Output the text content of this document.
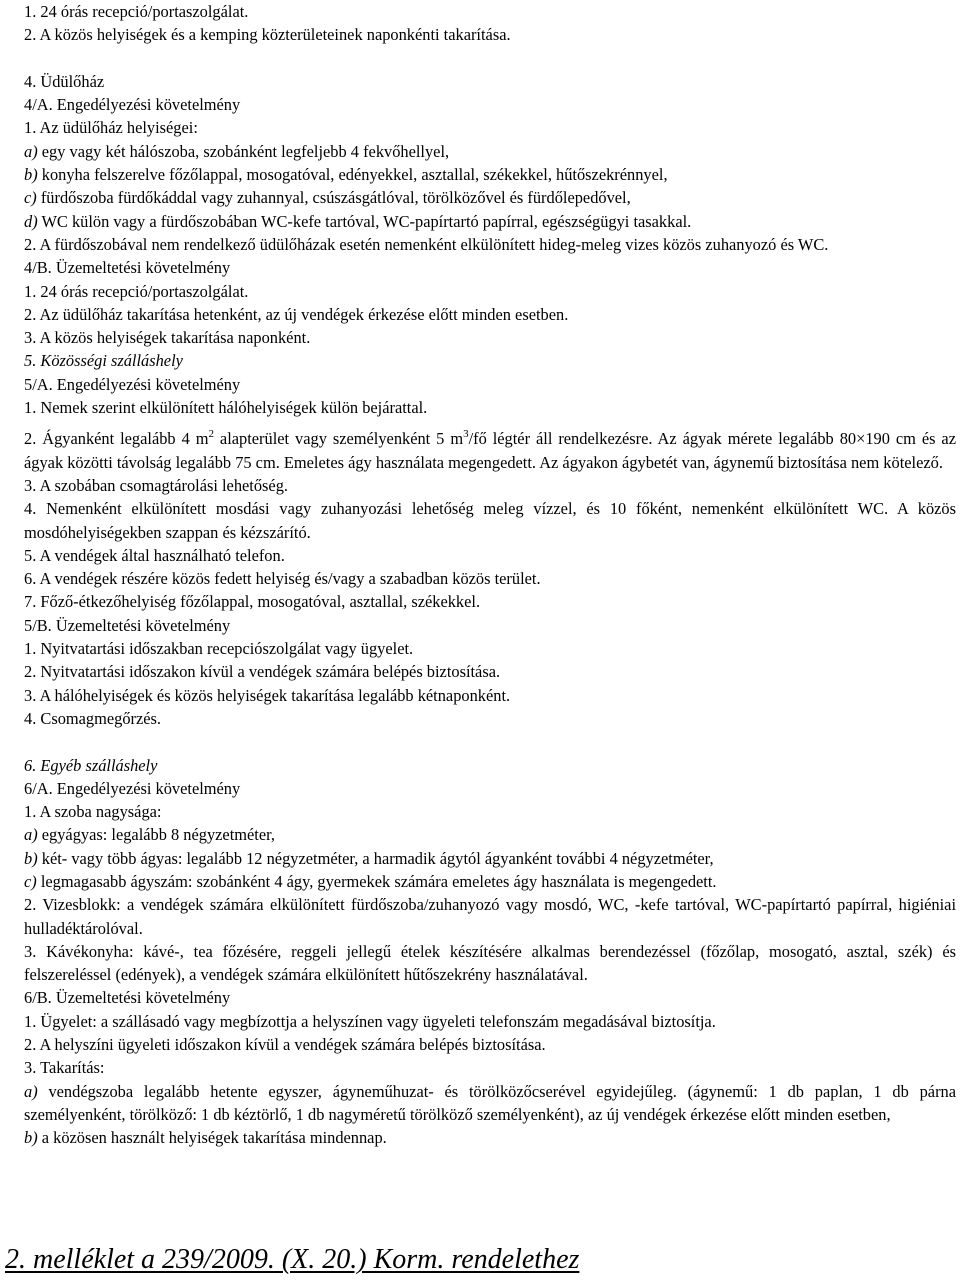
1. 24 órás recepció/portaszolgálat.

2. A közös helyiségek és a kemping közterületeinek naponkénti takarítása.

4. Üdülőház

4/A. Engedélyezési követelmény

1. Az üdülőház helyiségei:

a) egy vagy két hálószoba, szobánként legfeljebb 4 fekvőhellyel,

b) konyha felszerelve főzőlappal, mosogatóval, edényekkel, asztallal, székekkel, hűtőszekrénnyel,

c) fürdőszoba fürdőkáddal vagy zuhannyal, csúszásgátlóval, törölközővel és fürdőlepedővel,

d) WC külön vagy a fürdőszobában WC-kefe tartóval, WC-papírtartó papírral, egészségügyi tasakkal.

2. A fürdőszobával nem rendelkező üdülőházak esetén nemenként elkülönített hideg-meleg vizes közös zuhanyozó és WC.

4/B. Üzemeltetési követelmény

1. 24 órás recepció/portaszolgálat.

2. Az üdülőház takarítása hetenként, az új vendégek érkezése előtt minden esetben.

3. A közös helyiségek takarítása naponként.

5. Közösségi szálláshely

5/A. Engedélyezési követelmény

1. Nemek szerint elkülönített hálóhelyiségek külön bejárattal.

2. Ágyanként legalább 4 $m^2$ alapterület vagy személyenként 5 $m^3/fő$ légtér áll rendelkezésre. Az ágyak mérete legalább 80×190 cm és az ágyak közötti távolság legalább 75 cm. Emeletes ágy használata megengedett. Az ágyakon ágybetét van, ágynemű biztosítása nem kötelező.

3. A szobában csomagtárolási lehetőség.

4. Nemenként elkülönített mosdási vagy zuhanyozási lehetőség meleg vízzel, és 10 főként, nemenként elkülönített WC. A közös mosdóhelyiségekben szappan és kézszárító.

5. A vendégek által használható telefon.

6. A vendégek részére közös fedett helyiség és/vagy a szabadban közös terület.

7. Főző-étkezőhelyiség főzőlappal, mosogatóval, asztallal, székekkel.

5/B. Üzemeltetési követelmény

1. Nyitvatartási időszakban recepciószolgálat vagy ügyelet.

2. Nyitvatartási időszakon kívül a vendégek számára belépés biztosítása.

3. A hálóhelyiségek és közös helyiségek takarítása legalább kétnaponként.

4. Csomagmegőrzés.

6. Egyéb szálláshely

6/A. Engedélyezési követelmény

1. A szoba nagysága:

a) egyágyas: legalább 8 négyzetméter,

b) két- vagy több ágyas: legalább 12 négyzetméter, a harmadik ágytól ágyanként további 4 négyzetméter,

c) legmagasabb ágyszám: szobánként 4 ágy, gyermekek számára emeletes ágy használata is megengedett.

2. Vizesblokk: a vendégek számára elkülönített fürdőszoba/zuhanyozó vagy mosdó, WC, -kefe tartóval, WC-papírtartó papírral, higiéniai hulladéktárolóval.

3. Kávékonyha: kávé-, tea főzésére, reggeli jellegű ételek készítésére alkalmas berendezéssel (főzőlap, mosogató, asztal, szék) és felszereléssel (edények), a vendégek számára elkülönített hűtőszekrény használatával.

6/B. Üzemeltetési követelmény

1. Ügyelet: a szállásadó vagy megbízottja a helyszínen vagy ügyeleti telefonszám megadásával biztosítja.

2. A helyszíni ügyeleti időszakon kívül a vendégek számára belépés biztosítása.

3. Takarítás:

a) vendégszoba legalább hetente egyszer, ágyneműhuzat- és törölközőcserével egyidejűleg. (ágynemű: 1 db paplan, 1 db párna személyenként, törölköző: 1 db kéztörlő, 1 db nagyméretű törölköző személyenként), az új vendégek érkezése előtt minden esetben,

b) a közösen használt helyiségek takarítása mindennap.

2. melléklet a 239/2009. (X. 20.) Korm. rendelethez
